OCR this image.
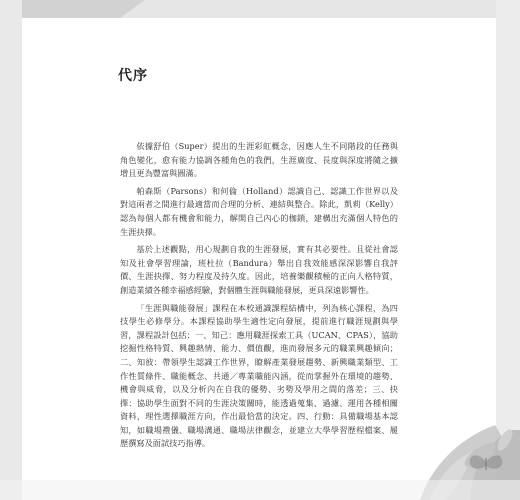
代序

依據舒伯（Super）提出的生涯彩虹概念，因應人生不同階段的任務與角色變化，愈有能力協調各種角色的我們，生涯廣度、長度與深度將隨之擴增且更為豐富與圓滿。

帕森斯（Parsons）和何倫（Holland）認識自己、認識工作世界以及對這兩者之間進行最適當而合理的分析、連結與整合。除此，凱莉（Kelly）認為每個人都有機會和能力，解開自己內心的枷鎖，建構出充滿個人特色的生涯抉擇。

基於上述觀點，用心規劃自我的生涯發展，實有其必要性。且從社會認知及社會學習理論，班杜拉（Bandura）舉出自我效能感深深影響自我評價、生涯抉擇、努力程度及持久度。因此，培養樂觀積極的正向人格特質，創造業績各種幸福感經驗，對個體生涯與職能發展，更具深遠影響性。

「生涯與職能發展」課程在本校通識課程結構中，列為核心課程，為四技學生必修學分。本課程協助學生適性定向發展，提前進行職涯規劃與學習，課程設計包括：一、知己：應用職涯探索工具（UCAN、CPAS），協助挖掘性格特質、興趣熱情、能力、價值觀，進而發展多元的職業興趣傾向；二、知彼：帶領學生認識工作世界，瞭解產業發展趨勢、新興職業類型、工作性質條件、職能概念、共通／專業職能內涵，從而掌握外在環境的趨勢、機會與威脅，以及分析內在自我的優勢、劣勢及學用之間的落差；三、抉擇：協助學生面對不同的生涯決策關時，能透過蒐集、過濾、運用各種相關資料，理性選擇職涯方向，作出最恰當的決定。四、行動：具備職場基本認知，如職場禮儀、職場溝通、職場法律觀念，並建立大學學習歷程檔案、履歷撰寫及面試技巧指導。
